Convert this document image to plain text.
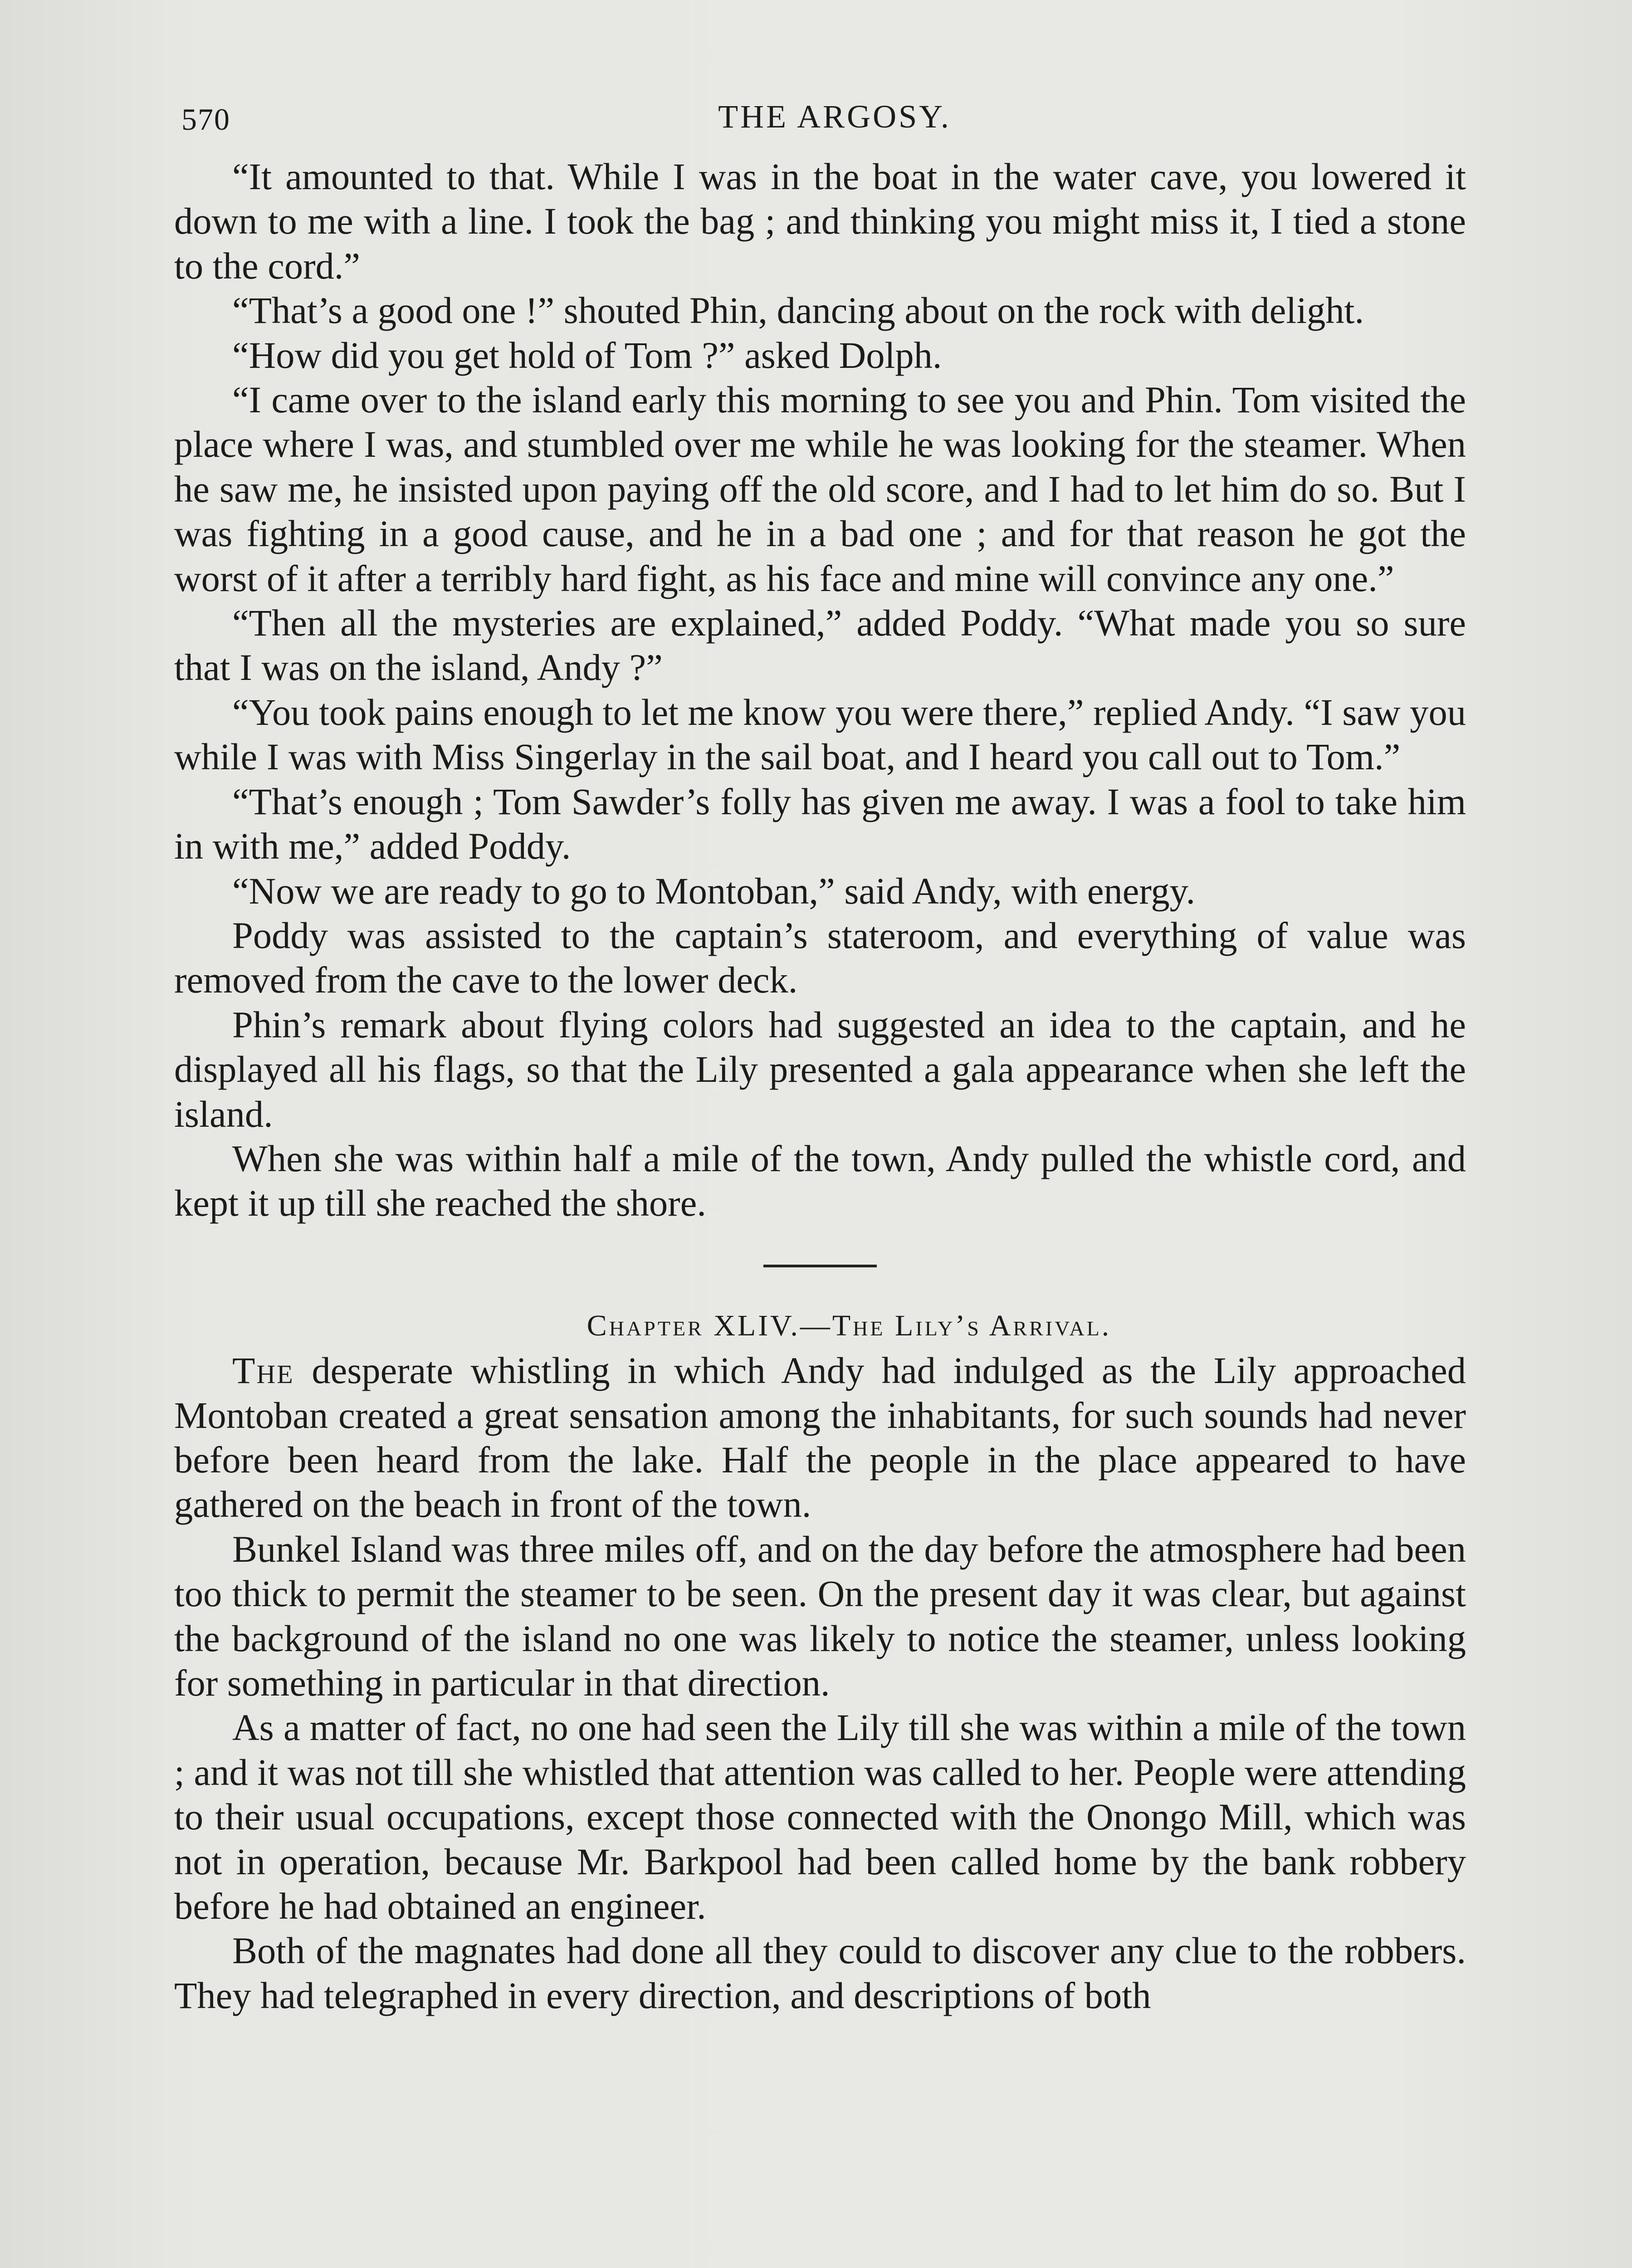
570	THE ARGOSY.

“It amounted to that. While I was in the boat in the water cave, you lowered it down to me with a line. I took the bag ; and thinking you might miss it, I tied a stone to the cord.”

“That’s a good one !” shouted Phin, dancing about on the rock with delight.

“How did you get hold of Tom ?” asked Dolph.

“I came over to the island early this morning to see you and Phin. Tom visited the place where I was, and stumbled over me while he was looking for the steamer. When he saw me, he insisted upon paying off the old score, and I had to let him do so. But I was fighting in a good cause, and he in a bad one ; and for that reason he got the worst of it after a terribly hard fight, as his face and mine will convince any one.”

“Then all the mysteries are explained,” added Poddy. “What made you so sure that I was on the island, Andy ?”

“You took pains enough to let me know you were there,” replied Andy. “I saw you while I was with Miss Singerlay in the sail boat, and I heard you call out to Tom.”

“That’s enough ; Tom Sawder’s folly has given me away. I was a fool to take him in with me,” added Poddy.

“Now we are ready to go to Montoban,” said Andy, with energy.

Poddy was assisted to the captain’s stateroom, and everything of value was removed from the cave to the lower deck.

Phin’s remark about flying colors had suggested an idea to the captain, and he displayed all his flags, so that the Lily presented a gala appearance when she left the island.

When she was within half a mile of the town, Andy pulled the whistle cord, and kept it up till she reached the shore.

Chapter XLIV.—The Lily’s Arrival.

The desperate whistling in which Andy had indulged as the Lily approached Montoban created a great sensation among the inhabitants, for such sounds had never before been heard from the lake. Half the people in the place appeared to have gathered on the beach in front of the town.

Bunkel Island was three miles off, and on the day before the atmosphere had been too thick to permit the steamer to be seen. On the present day it was clear, but against the background of the island no one was likely to notice the steamer, unless looking for something in particular in that direction.

As a matter of fact, no one had seen the Lily till she was within a mile of the town ; and it was not till she whistled that attention was called to her. People were attending to their usual occupations, except those connected with the Onongo Mill, which was not in operation, because Mr. Barkpool had been called home by the bank robbery before he had obtained an engineer.

Both of the magnates had done all they could to discover any clue to the robbers. They had telegraphed in every direction, and descriptions of both
